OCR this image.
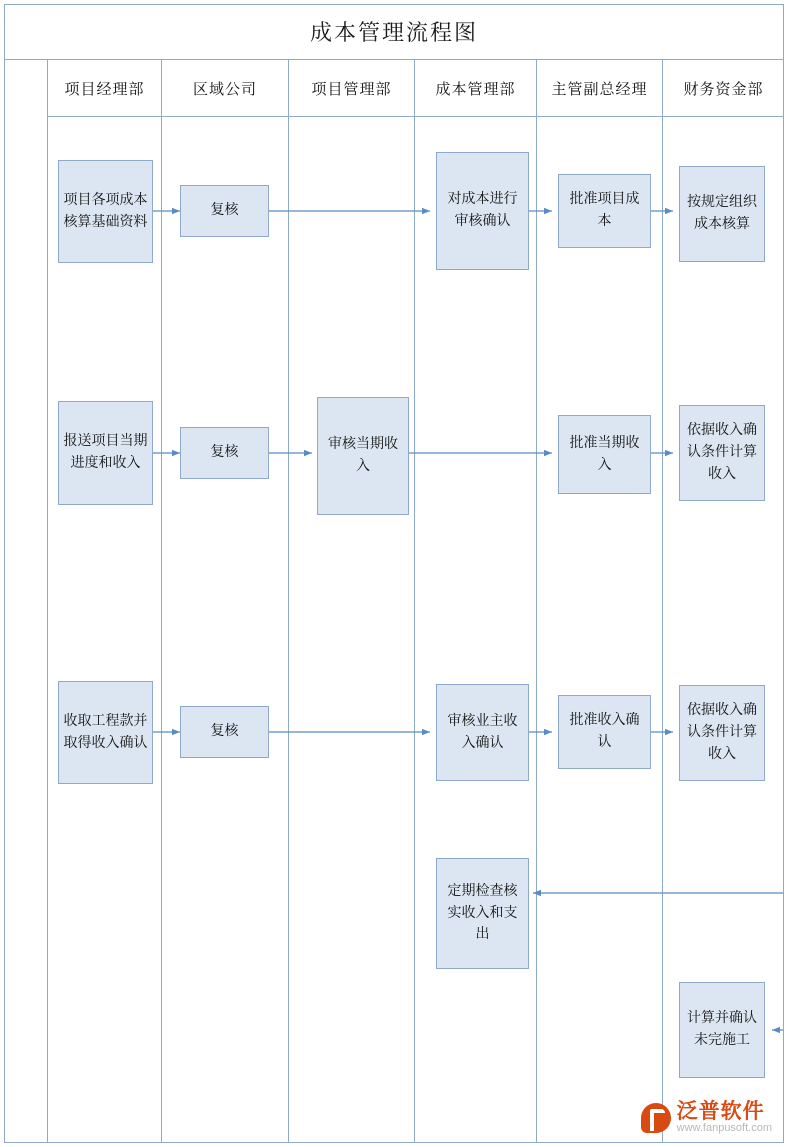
成本管理流程图
项目经理部	区域公司	项目管理部	成本管理部 主管副总经理 财务资金部
项目各项成本核算基础资料
复核
对成本进行审核确认
批准项目成本
按规定组织成本核算
报送项目当期进度和收入
复核
审核当期收入
批准当期收入
依据收入确认条件计算收入
收取工程款并取得收入确认
复核
审核业主收入确认
批准收入确认
依据收入确认条件计算收入
定期检查核实收入和支出
计算并确认未完施工
泛普软件
www.fanpusoft.com
